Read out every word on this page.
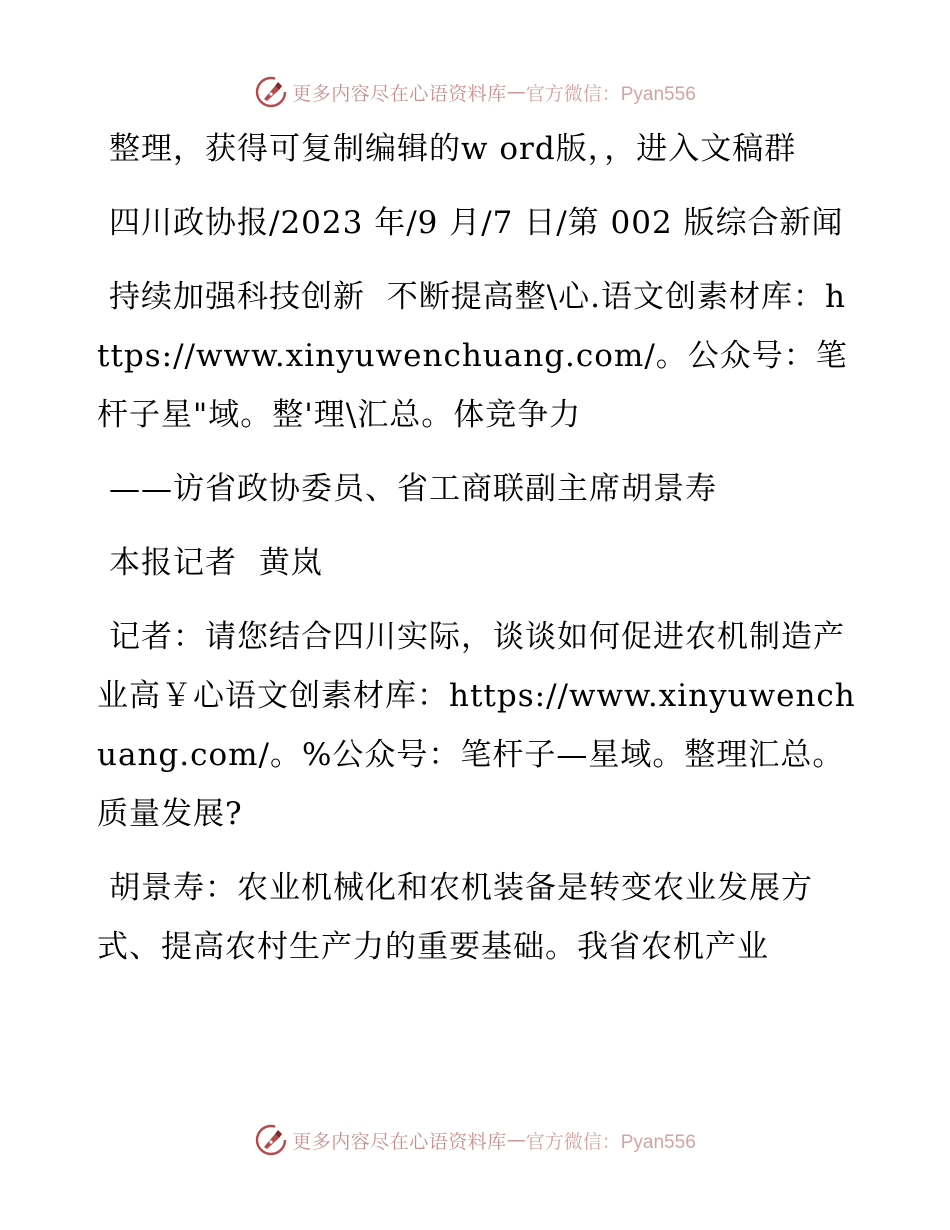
更多内容尽在心语资料库 — 官方微信：Pyan556

整理，获得可复制编辑的w ord版，，进入文稿群

四川政协报/2023 年/9 月/7 日/第 002 版综合新闻

持续加强科技创新  不断提高整\心.语文创素材库：https://www.xinyuwenchuang.com/。公众号：笔杆子星"域。整'理\汇总。体竞争力

——访省政协委员、省工商联副主席胡景寿

本报记者  黄岚

记者：请您结合四川实际，谈谈如何促进农机制造产业高￥心语文创素材库：https://www.xinyuwenchuang.com/。%公众号：笔杆子—星域。整理汇总。质量发展?

胡景寿：农业机械化和农机装备是转变农业发展方式、提高农村生产力的重要基础。我省农机产业

更多内容尽在心语资料库 — 官方微信：Pyan556
